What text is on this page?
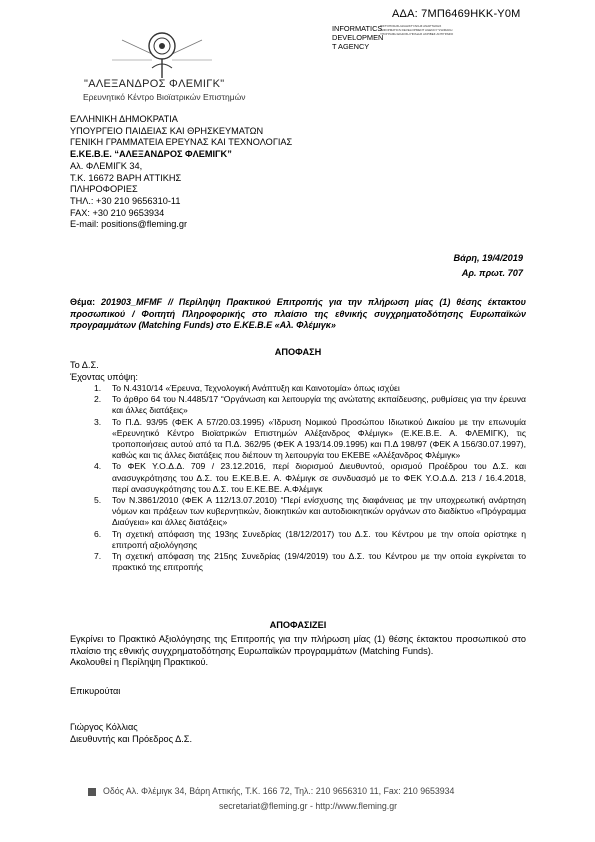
ΑΔΑ: 7ΜΠ6469ΗΚΚ-Υ0Μ
"ΑΛΕΞΑΝΔΡΟΣ ΦΛΕΜΙΓΚ"
Ερευνητικό Κέντρο Βιοϊατρικών Επιστημών
INFORMATICS
DEVELOPMEN
T AGENCY
ΠΙΣΤΟΠΟΙΗΣΗ ΔΙΑΔΙΚΤΥΑΚΗΣ ΑΝΑΡΤΗΣΗΣ ΙΝΦΟΡΜΑΤΙCS DEVELOPMENT AGENCY ΨΗΦΙΑΚΗ ΥΠΟΓΡΑΦΗ ΕΚΔΟΣΗ ΠΡΑΞΗΣ ΑΚΡΙΒΕΣ ΑΝΤΙΓΡΑΦΟ
ΕΛΛΗΝΙΚΗ ΔΗΜΟΚΡΑΤΙΑ
ΥΠΟΥΡΓΕΙΟ ΠΑΙΔΕΙΑΣ ΚΑΙ ΘΡΗΣΚΕΥΜΑΤΩΝ
ΓΕΝΙΚΗ ΓΡΑΜΜΑΤΕΙΑ ΕΡΕΥΝΑΣ ΚΑΙ ΤΕΧΝΟΛΟΓΙΑΣ
Ε.ΚΕ.Β.Ε. “ΑΛΕΞΑΝΔΡΟΣ ΦΛΕΜΙΓΚ”
Αλ. ΦΛΕΜΙΓΚ 34,
Τ.Κ. 16672 ΒΑΡΗ ΑΤΤΙΚΗΣ
ΠΛΗΡΟΦΟΡΙΕΣ
ΤΗΛ.: +30 210 9656310-11
FAX: +30 210 9653934
E-mail: positions@fleming.gr
Βάρη, 19/4/2019
Αρ. πρωτ. 707
Θέμα: 201903_MFMF // Περίληψη Πρακτικού Επιτροπής για την πλήρωση μίας (1) θέσης έκτακτου προσωπικού / Φοιτητή Πληροφορικής στο πλαίσιο της εθνικής συγχρηματοδότησης Ευρωπαϊκών προγραμμάτων (Matching Funds) στο Ε.ΚΕ.Β.Ε «Αλ. Φλέμιγκ»
ΑΠΟΦΑΣΗ
Το Δ.Σ.
Έχοντας υπόψη:
1. Το Ν.4310/14 «Έρευνα, Τεχνολογική Ανάπτυξη και Καινοτομία» όπως ισχύει
2. Το άρθρο 64 του Ν.4485/17 “Οργάνωση και λειτουργία της ανώτατης εκπαίδευσης, ρυθμίσεις για την έρευνα και άλλες διατάξεις»
3. Το Π.Δ. 93/95 (ΦΕΚ Α 57/20.03.1995) «Ίδρυση Νομικού Προσώπου Ιδιωτικού Δικαίου με την επωνυμία «Ερευνητικό Κέντρο Βιοϊατρικών Επιστημών Αλέξανδρος Φλέμιγκ» (Ε.ΚΕ.Β.Ε. Α. ΦΛΕΜΙΓΚ), τις τροποποιήσεις αυτού από τα Π.Δ. 362/95 (ΦΕΚ Α 193/14.09.1995) και Π.Δ 198/97 (ΦΕΚ Α 156/30.07.1997), καθώς και τις άλλες διατάξεις που διέπουν τη λειτουργία του ΕΚΕΒΕ «Αλέξανδρος Φλέμιγκ»
4. Το ΦΕΚ Υ.Ο.Δ.Δ. 709 / 23.12.2016, περί διορισμού Διευθυντού, ορισμού Προέδρου του Δ.Σ. και ανασυγκρότησης του Δ.Σ. του Ε.ΚΕ.Β.Ε. Α. Φλέμιγκ σε συνδυασμό με το ΦΕΚ Υ.Ο.Δ.Δ. 213 / 16.4.2018, περί ανασυγκρότησης του Δ.Σ. του Ε.ΚΕ.ΒΕ. Α.Φλέμιγκ
5. Τον Ν.3861/2010 (ΦΕΚ Α 112/13.07.2010) “Περί ενίσχυσης της διαφάνειας με την υποχρεωτική ανάρτηση νόμων και πράξεων των κυβερνητικών, διοικητικών και αυτοδιοικητικών οργάνων στο διαδίκτυο «Πρόγραμμα Διαύγεια» και άλλες διατάξεις»
6. Τη σχετική απόφαση της 193ης Συνεδρίας (18/12/2017) του Δ.Σ. του Κέντρου με την οποία ορίστηκε η επιτροπή αξιολόγησης
7. Τη σχετική απόφαση της 215ης Συνεδρίας (19/4/2019) του Δ.Σ. του Κέντρου με την οποία εγκρίνεται το πρακτικό της επιτροπής
ΑΠΟΦΑΣΙΖΕΙ
Εγκρίνει το Πρακτικό Αξιολόγησης της Επιτροπής για την πλήρωση μίας (1) θέσης έκτακτου προσωπικού στο πλαίσιο της εθνικής συγχρηματοδότησης Ευρωπαϊκών προγραμμάτων (Matching Funds).
Ακολουθεί η Περίληψη Πρακτικού.
Επικυρούται
Γιώργος Κόλλιας
Διευθυντής και Πρόεδρος Δ.Σ.
Οδός Αλ. Φλέμιγκ 34, Βάρη Αττικής, Τ.Κ. 166 72, Τηλ.: 210 9656310 11, Fax: 210 9653934
secretariat@fleming.gr - http://www.fleming.gr
